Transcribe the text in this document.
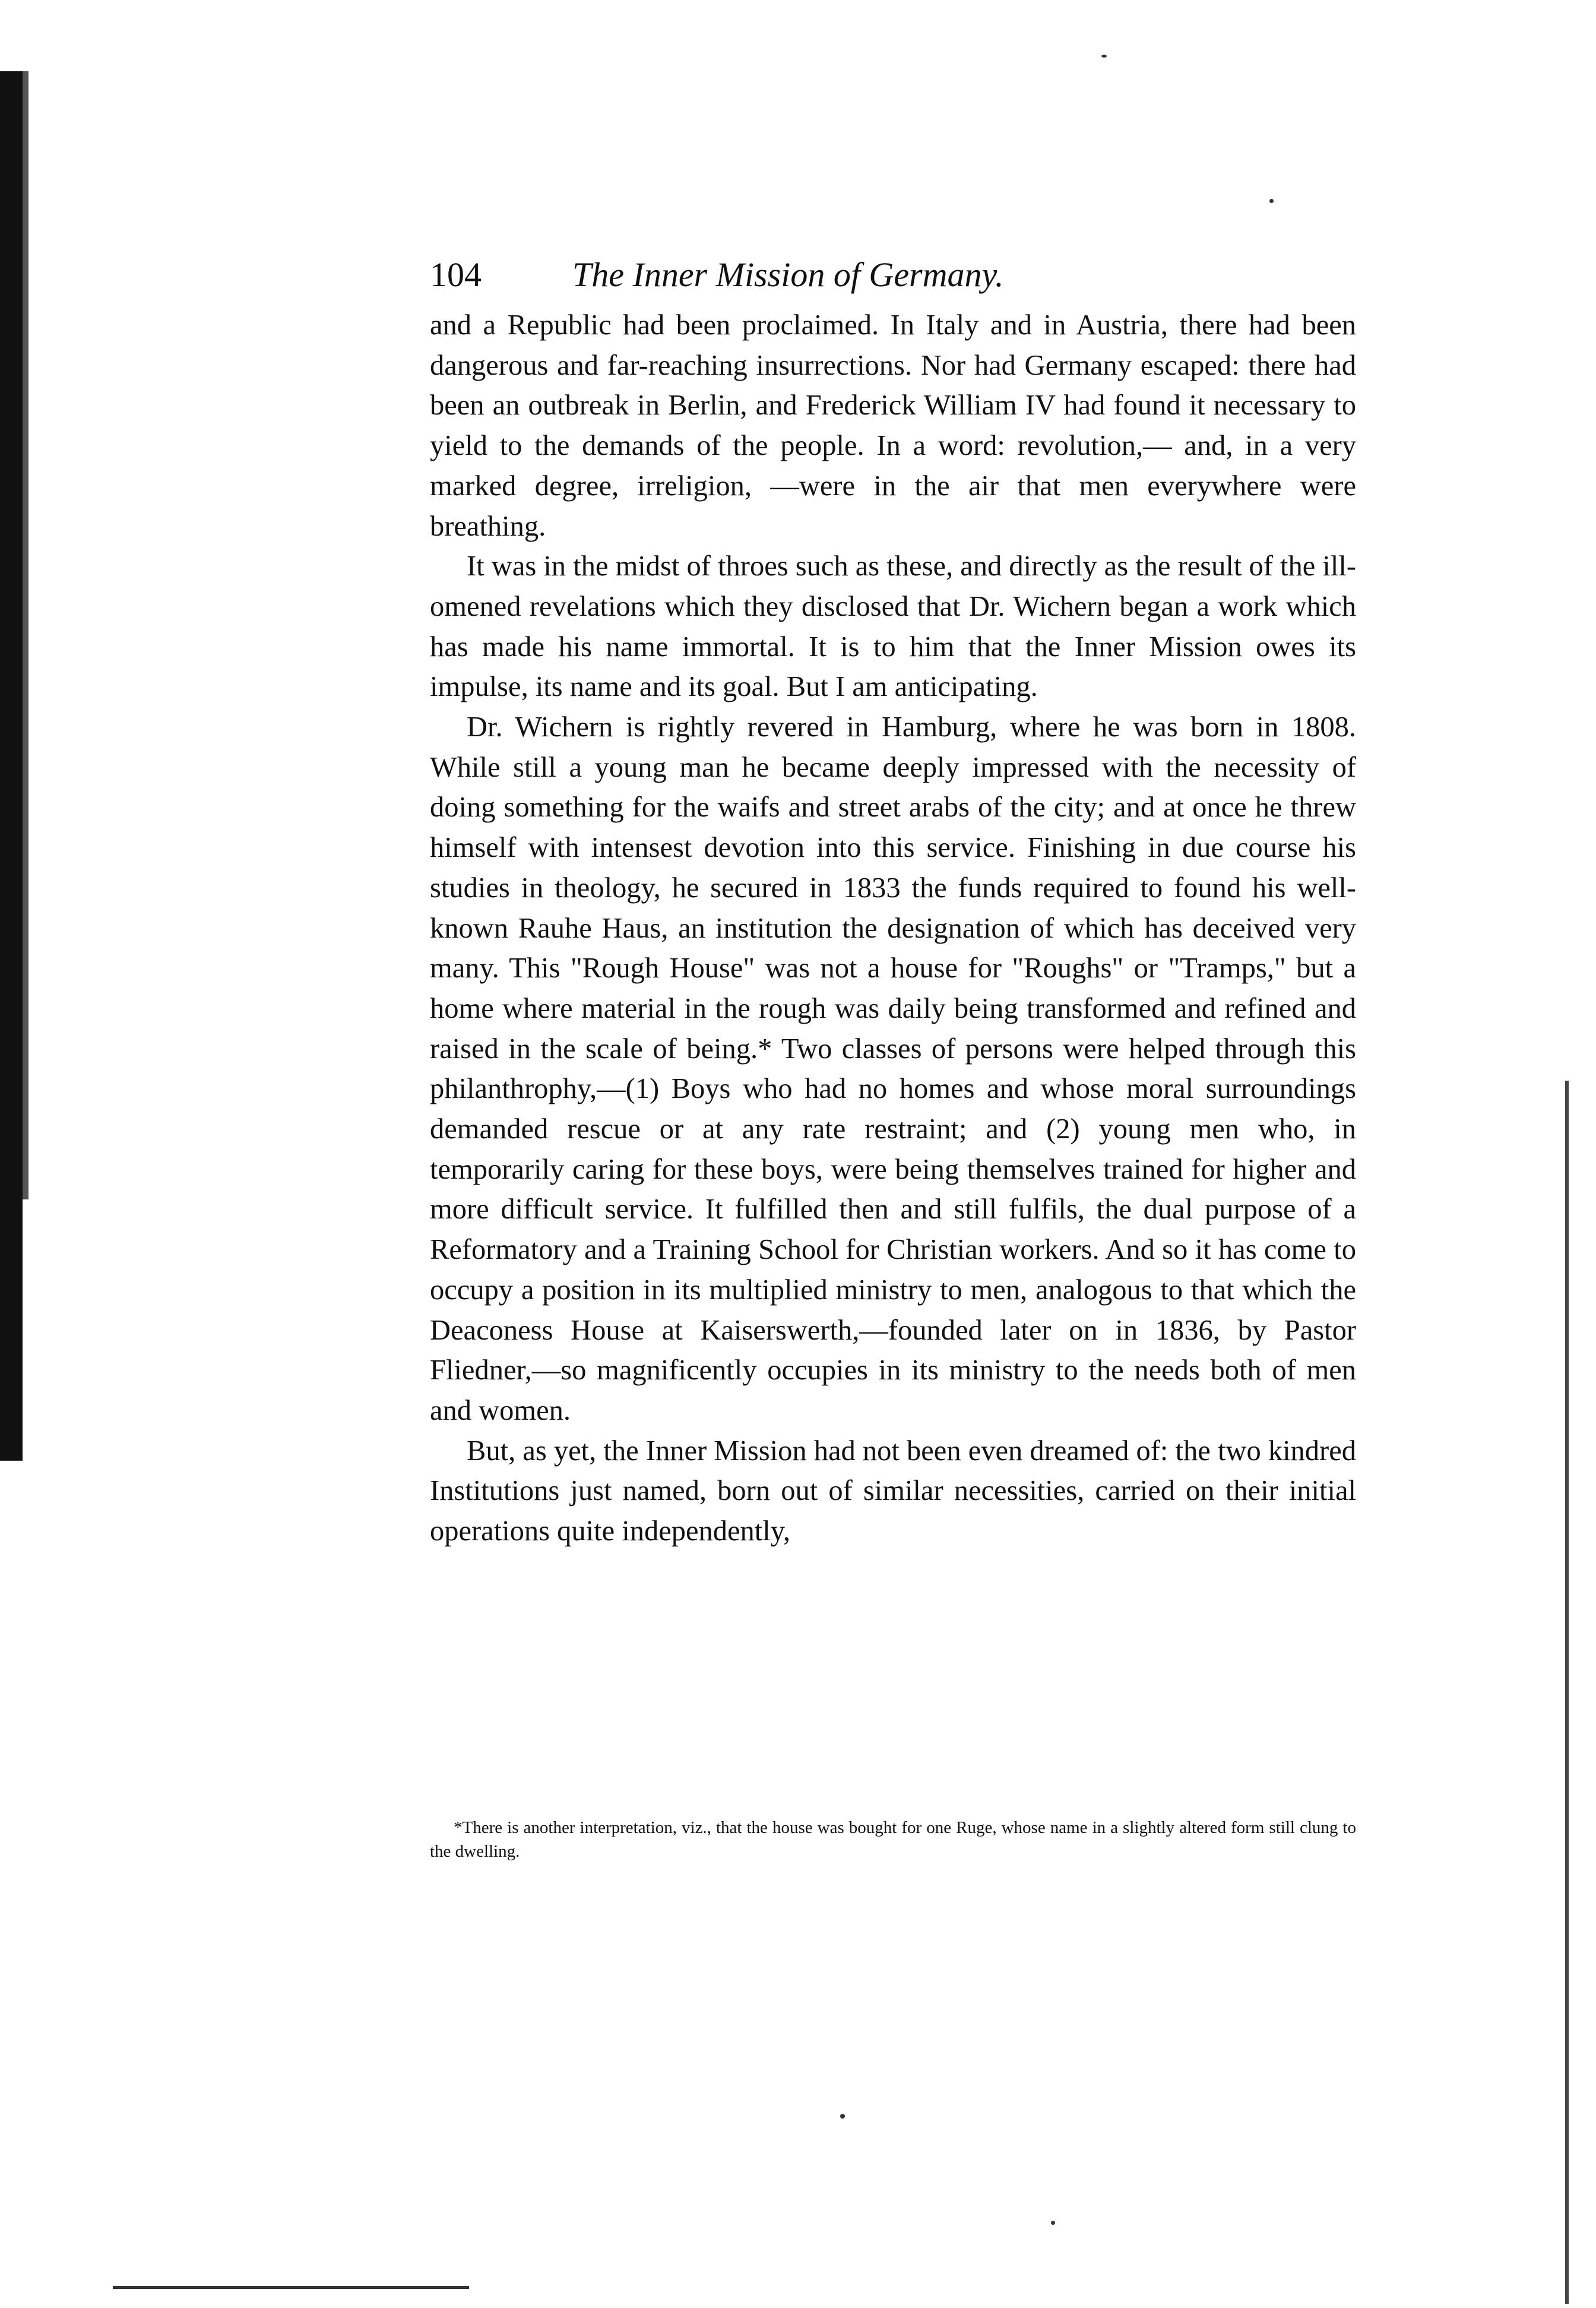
104	The Inner Mission of Germany.

and a Republic had been proclaimed. In Italy and in Austria, there had been dangerous and far-reaching insurrections. Nor had Germany escaped: there had been an outbreak in Berlin, and Frederick William IV had found it necessary to yield to the demands of the people. In a word: revolution,— and, in a very marked degree, irreligion, —were in the air that men everywhere were breathing.

It was in the midst of throes such as these, and directly as the result of the ill-omened revelations which they disclosed that Dr. Wichern began a work which has made his name immortal. It is to him that the Inner Mission owes its impulse, its name and its goal. But I am anticipating.

Dr. Wichern is rightly revered in Hamburg, where he was born in 1808. While still a young man he became deeply impressed with the necessity of doing something for the waifs and street arabs of the city; and at once he threw himself with intensest devotion into this service. Finishing in due course his studies in theology, he secured in 1833 the funds required to found his well-known Rauhe Haus, an institution the designation of which has deceived very many. This "Rough House" was not a house for "Roughs" or "Tramps," but a home where material in the rough was daily being transformed and refined and raised in the scale of being.* Two classes of persons were helped through this philanthrophy,—(1) Boys who had no homes and whose moral surroundings demanded rescue or at any rate restraint; and (2) young men who, in temporarily caring for these boys, were being themselves trained for higher and more difficult service. It fulfilled then and still fulfils, the dual purpose of a Reformatory and a Training School for Christian workers. And so it has come to occupy a position in its multiplied ministry to men, analogous to that which the Deaconess House at Kaiserswerth,—founded later on in 1836, by Pastor Fliedner,—so magnificently occupies in its ministry to the needs both of men and women.

But, as yet, the Inner Mission had not been even dreamed of: the two kindred Institutions just named, born out of similar necessities, carried on their initial operations quite independently,

*There is another interpretation, viz., that the house was bought for one Ruge, whose name in a slightly altered form still clung to the dwelling.
